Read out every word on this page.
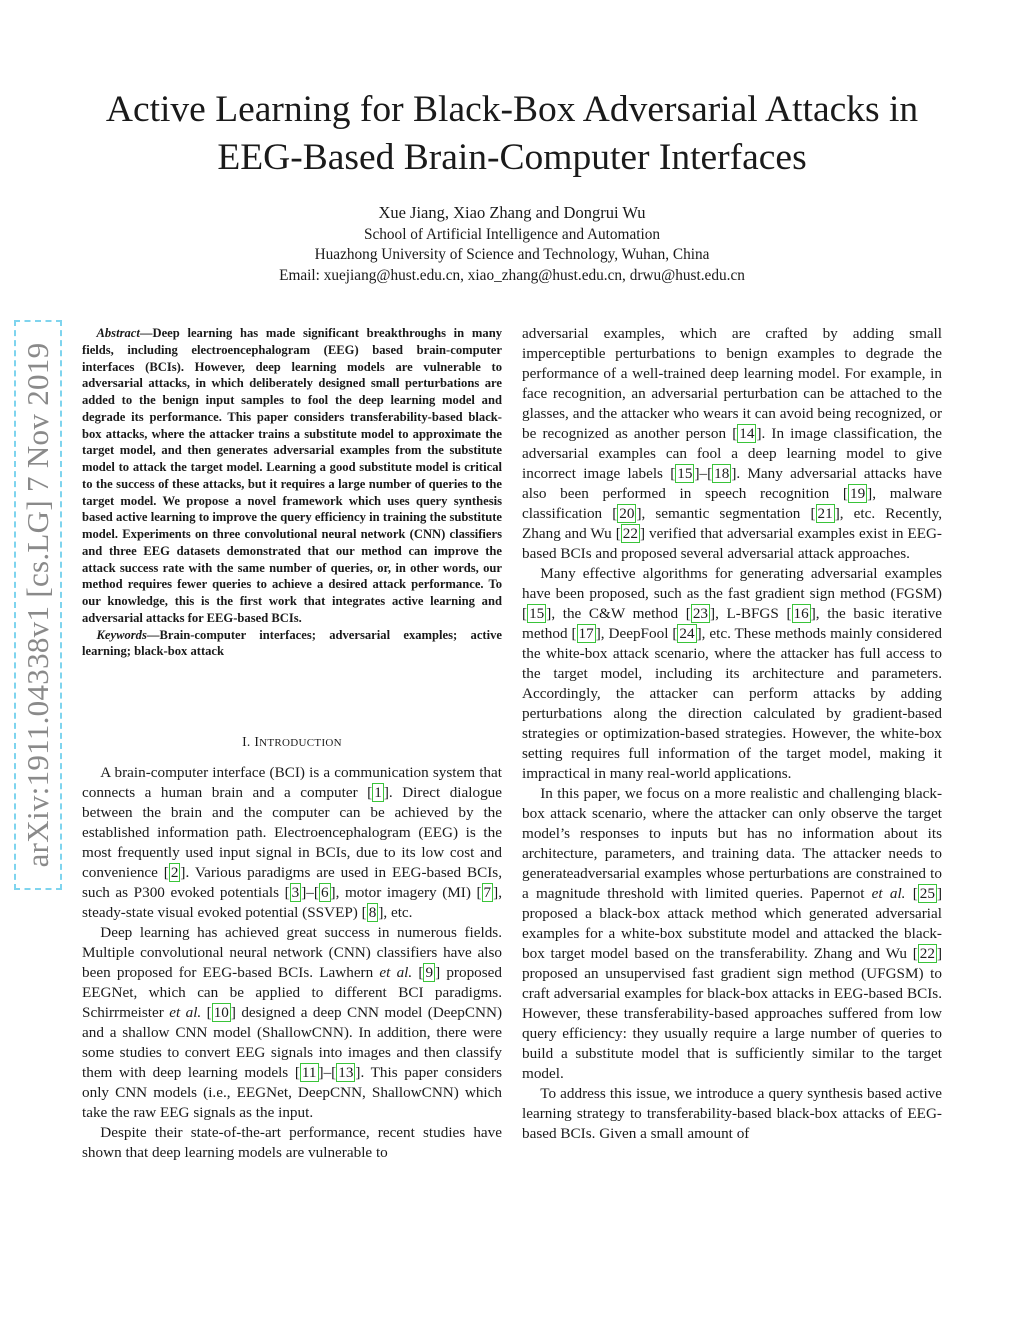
Active Learning for Black-Box Adversarial Attacks in EEG-Based Brain-Computer Interfaces
Xue Jiang, Xiao Zhang and Dongrui Wu
School of Artificial Intelligence and Automation
Huazhong University of Science and Technology, Wuhan, China
Email: xuejiang@hust.edu.cn, xiao_zhang@hust.edu.cn, drwu@hust.edu.cn
arXiv:1911.04338v1 [cs.LG] 7 Nov 2019

Abstract—Deep learning has made significant breakthroughs in many fields, including electroencephalogram (EEG) based brain-computer interfaces (BCIs). However, deep learning models are vulnerable to adversarial attacks, in which deliberately designed small perturbations are added to the benign input samples to fool the deep learning model and degrade its performance. This paper considers transferability-based black-box attacks, where the attacker trains a substitute model to approximate the target model, and then generates adversarial examples from the substitute model to attack the target model. Learning a good substitute model is critical to the success of these attacks, but it requires a large number of queries to the target model. We propose a novel framework which uses query synthesis based active learning to improve the query efficiency in training the substitute model. Experiments on three convolutional neural network (CNN) classifiers and three EEG datasets demonstrated that our method can improve the attack success rate with the same number of queries, or, in other words, our method requires fewer queries to achieve a desired attack performance. To our knowledge, this is the first work that integrates active learning and adversarial attacks for EEG-based BCIs.

Keywords—Brain-computer interfaces; adversarial examples; active learning; black-box attack

I. INTRODUCTION

A brain-computer interface (BCI) is a communication system that connects a human brain and a computer [ 1 ]. Direct dialogue between the brain and the computer can be achieved by the established information path. Electroencephalogram (EEG) is the most frequently used input signal in BCIs, due to its low cost and convenience [ 2 ]. Various paradigms are used in EEG-based BCIs, such as P300 evoked potentials [ 3 ]–[ 6 ], motor imagery (MI) [ 7 ], steady-state visual evoked potential (SSVEP) [ 8 ], etc.

Deep learning has achieved great success in numerous fields. Multiple convolutional neural network (CNN) classifiers have also been proposed for EEG-based BCIs. Lawhern et al. [ 9 ] proposed EEGNet, which can be applied to different BCI paradigms. Schirrmeister et al. [ 10 ] designed a deep CNN model (DeepCNN) and a shallow CNN model (ShallowCNN). In addition, there were some studies to convert EEG signals into images and then classify them with deep learning models [ 11 ]–[ 13 ]. This paper considers only CNN models (i.e., EEGNet, DeepCNN, ShallowCNN) which take the raw EEG signals as the input.

Despite their state-of-the-art performance, recent studies have shown that deep learning models are vulnerable to

adversarial examples, which are crafted by adding small imperceptible perturbations to benign examples to degrade the performance of a well-trained deep learning model. For example, in face recognition, an adversarial perturbation can be attached to the glasses, and the attacker who wears it can avoid being recognized, or be recognized as another person [ 14 ]. In image classification, the adversarial examples can fool a deep learning model to give incorrect image labels [ 15 ]–[ 18 ]. Many adversarial attacks have also been performed in speech recognition [ 19 ], malware classification [ 20 ], semantic segmentation [ 21 ], etc. Recently, Zhang and Wu [ 22 ] verified that adversarial examples exist in EEG-based BCIs and proposed several adversarial attack approaches.

Many effective algorithms for generating adversarial examples have been proposed, such as the fast gradient sign method (FGSM) [ 15 ], the C&W method [ 23 ], L-BFGS [ 16 ], the basic iterative method [ 17 ], DeepFool [ 24 ], etc. These methods mainly considered the white-box attack scenario, where the attacker has full access to the target model, including its architecture and parameters. Accordingly, the attacker can perform attacks by adding perturbations along the direction calculated by gradient-based strategies or optimization-based strategies. However, the white-box setting requires full information of the target model, making it impractical in many real-world applications.

In this paper, we focus on a more realistic and challenging black-box attack scenario, where the attacker can only observe the target model’s responses to inputs but has no information about its architecture, parameters, and training data. The attacker needs to generateadversarial examples whose perturbations are constrained to a magnitude threshold with limited queries. Papernot et al. [ 25 ] proposed a black-box attack method which generated adversarial examples for a white-box substitute model and attacked the black-box target model based on the transferability. Zhang and Wu [ 22 ] proposed an unsupervised fast gradient sign method (UFGSM) to craft adversarial examples for black-box attacks in EEG-based BCIs. However, these transferability-based approaches suffered from low query efficiency: they usually require a large number of queries to build a substitute model that is sufficiently similar to the target model.

To address this issue, we introduce a query synthesis based active learning strategy to transferability-based black-box attacks of EEG-based BCIs. Given a small amount of
